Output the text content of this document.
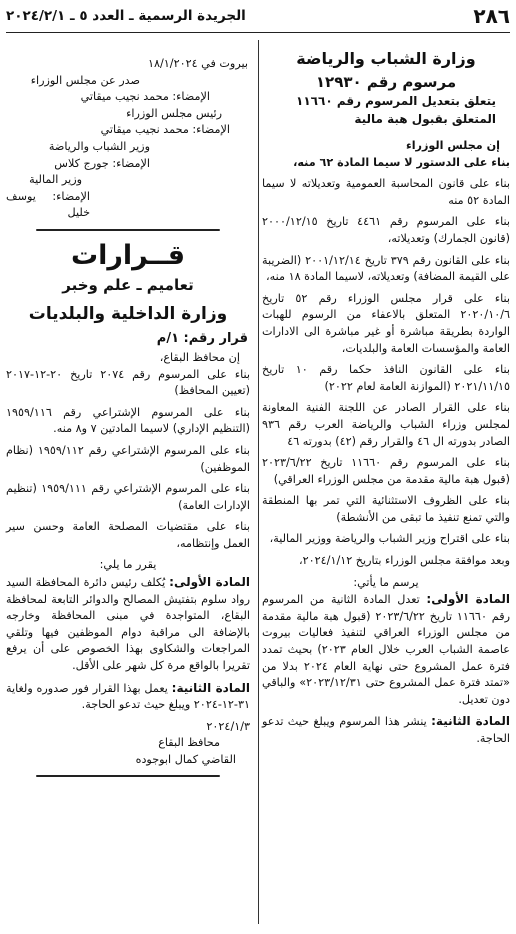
٢٨٦
الجريدة الرسمية ـ العدد ٥ ـ ٢٠٢٤/٢/١
وزارة الشباب والرياضة
مرسوم رقم ١٢٩٣٠
يتعلق بتعديل المرسوم رقم ١١٦٦٠
المتعلق بقبول هبة مالية

إن مجلس الوزراء

بناء على الدستور لا سيما المادة ٦٢ منه،

بناء على قانون المحاسبة العمومية وتعديلاته لا سيما المادة ٥٢ منه

بناء على المرسوم رقم ٤٤٦١ تاريخ ٢٠٠٠/١٢/١٥ (قانون الجمارك) وتعديلاته،

بناء على القانون رقم ٣٧٩ تاريخ ٢٠٠١/١٢/١٤ (الضريبة على القيمة المضافة) وتعديلاته، لاسيما المادة ١٨ منه،

بناء على قرار مجلس الوزراء رقم ٥٢ تاريخ ٢٠٢٠/١٠/٦ المتعلق بالاعفاء من الرسوم للهبات الواردة بطريقة مباشرة أو غير مباشرة الى الادارات العامة والمؤسسات العامة والبلديات،

بناء على القانون النافذ حكما رقم ١٠ تاريخ ٢٠٢١/١١/١٥ (الموازنة العامة لعام ٢٠٢٢)

بناء على القرار الصادر عن اللجنة الفنية المعاونة لمجلس وزراء الشباب والرياضة العرب رقم ٩٣٦ الصادر بدورته ال ٤٦ والقرار رقم (٤٢) بدورته ٤٦

بناء على المرسوم رقم ١١٦٦٠ تاريخ ٢٠٢٣/٦/٢٢ (قبول هبة مالية مقدمة من مجلس الوزراء العراقي)

بناء على الظروف الاستثنائية التي تمر بها المنطقة والتي تمنع تنفيذ ما تبقى من الأنشطة)

بناء على اقتراح وزير الشباب والرياضة ووزير المالية،

وبعد موافقة مجلس الوزراء بتاريخ ٢٠٢٤/١/١٢،

يرسم ما يأتي:

المادة الأولى: تعدل المادة الثانية من المرسوم رقم ١١٦٦٠ تاريخ ٢٠٢٣/٦/٢٢ (قبول هبة مالية مقدمة من مجلس الوزراء العراقي لتنفيذ فعاليات بيروت عاصمة الشباب العرب خلال العام ٢٠٢٣) بحيث تمدد فترة عمل المشروع حتى نهاية العام ٢٠٢٤ بدلا من «تمتد فترة عمل المشروع حتى ٢٠٢٣/١٢/٣١» والباقي دون تعديل.

المادة الثانية: ينشر هذا المرسوم ويبلغ حيث تدعو الحاجة.

بيروت في ١٨/١/٢٠٢٤

صدر عن مجلس الوزراء

الإمضاء: محمد نجيب ميقاتي

رئيس مجلس الوزراء

الإمضاء: محمد نجيب ميقاتي

وزير الشباب والرياضة

الإمضاء: جورج كلاس

وزير المالية

الإمضاء: يوسف خليل

قــرارات
تعاميم ـ علم وخبر
وزارة الداخلية والبلديات

قرار رقم: ١/م

إن محافظ البقاع،

بناء على المرسوم رقم ٢٠٧٤ تاريخ ٢٠-١٢-٢٠١٧ (تعيين المحافظ)

بناء على المرسوم الإشتراعي رقم ١٩٥٩/١١٦ (التنظيم الإداري) لاسيما المادتين ٧ و٨ منه.

بناء على المرسوم الإشتراعي رقم ١٩٥٩/١١٢ (نظام الموظفين)

بناء على المرسوم الإشتراعي رقم ١٩٥٩/١١١ (تنظيم الإدارات العامة)

بناء على مقتضيات المصلحة العامة وحسن سير العمل وإنتظامه،

يقرر ما يلي:

المادة الأولى: يُكلف رئيس دائرة المحافظة السيد رواد سلوم بتفتيش المصالح والدوائر التابعة لمحافظة البقاع، المتواجدة في مبنى المحافظة وخارجه بالإضافة الى مراقبة دوام الموظفين فيها وتلقي المراجعات والشكاوى بهذا الخصوص على أن يرفع تقريرا بالواقع مرة كل شهر على الأقل.

المادة الثانية: يعمل بهذا القرار فور صدوره ولغاية ٣١-١٢-٢٠٢٤ ويبلغ حيث تدعو الحاجة.

٢٠٢٤/١/٣

محافظ البقاع

القاضي كمال ابوجوده
